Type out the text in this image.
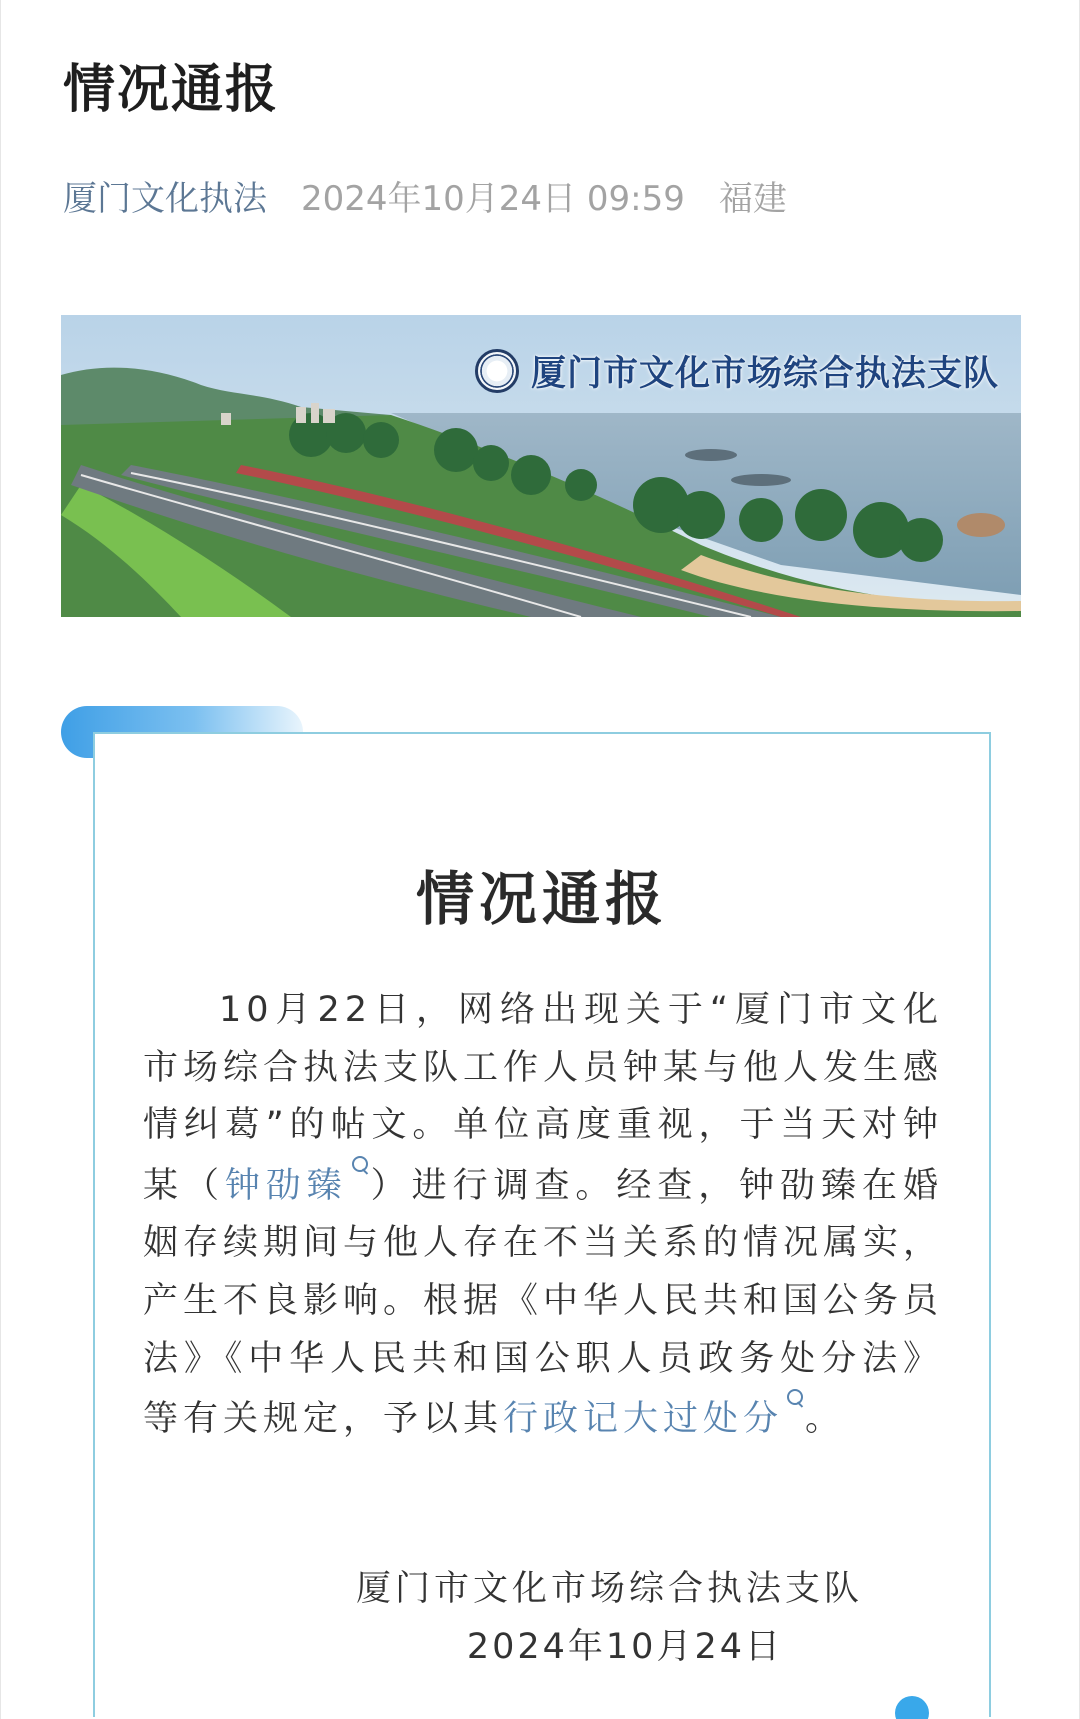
情况通报
厦门文化执法 2024年10月24日 09:59 福建
厦门市文化市场综合执法支队
情况通报

10月22日，网络出现关于“厦门市文化市场综合执法支队工作人员钟某与他人发生感情纠葛”的帖文。单位高度重视，于当天对钟某（钟劭臻 ）进行调查。经查，钟劭臻在婚姻存续期间与他人存在不当关系的情况属实，产生不良影响。根据《中华人民共和国公务员法》《中华人民共和国公职人员政务处分法》等有关规定，予以其行政记大过处分 。

厦门市文化市场综合执法支队
2024年10月24日
